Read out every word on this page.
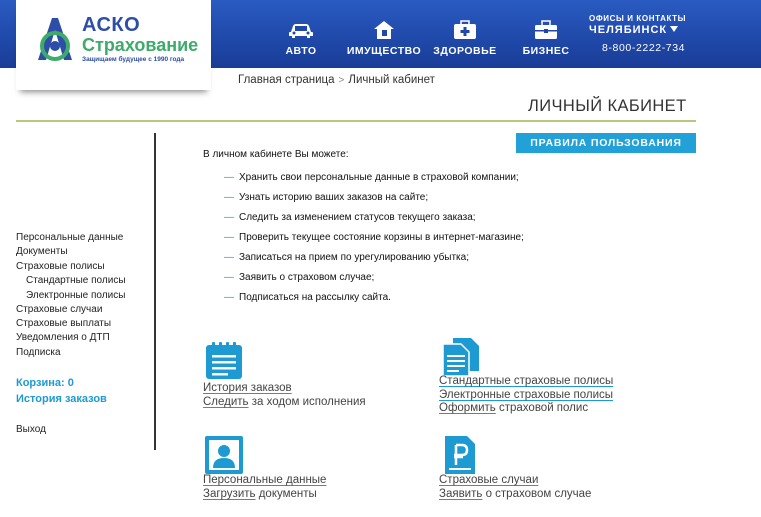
АВТО	ИМУЩЕСТВО ЗДОРОВЬЕ БИЗНЕС
ОФИСЫ И КОНТАКТЫ
ЧЕЛЯБИНСК
8-800-2222-734
АСКО
Страхование
Защищаем будущее с 1990 года
Главная страница > Личный кабинет
ЛИЧНЫЙ КАБИНЕТ
ПРАВИЛА ПОЛЬЗОВАНИЯ
Персональные данные
Документы
Страховые полисы
Стандартные полисы
Электронные полисы
Страховые случаи
Страховые выплаты
Уведомления о ДТП
Подписка
Корзина: 0
История заказов
Выход
В личном кабинете Вы можете:
— Хранить свои персональные данные в страховой компании;
— Узнать историю ваших заказов на сайте;
— Следить за изменением статусов текущего заказа;
— Проверить текущее состояние корзины в интернет-магазине;
— Записаться на прием по урегулированию убытка;
— Заявить о страховом случае;
— Подписаться на рассылку сайта.
История заказов
Следить за ходом исполнения
Стандартные страховые полисы
Электронные страховые полисы
Оформить страховой полис
Персональные данные
Загрузить документы
Страховые случаи
Заявить о страховом случае
